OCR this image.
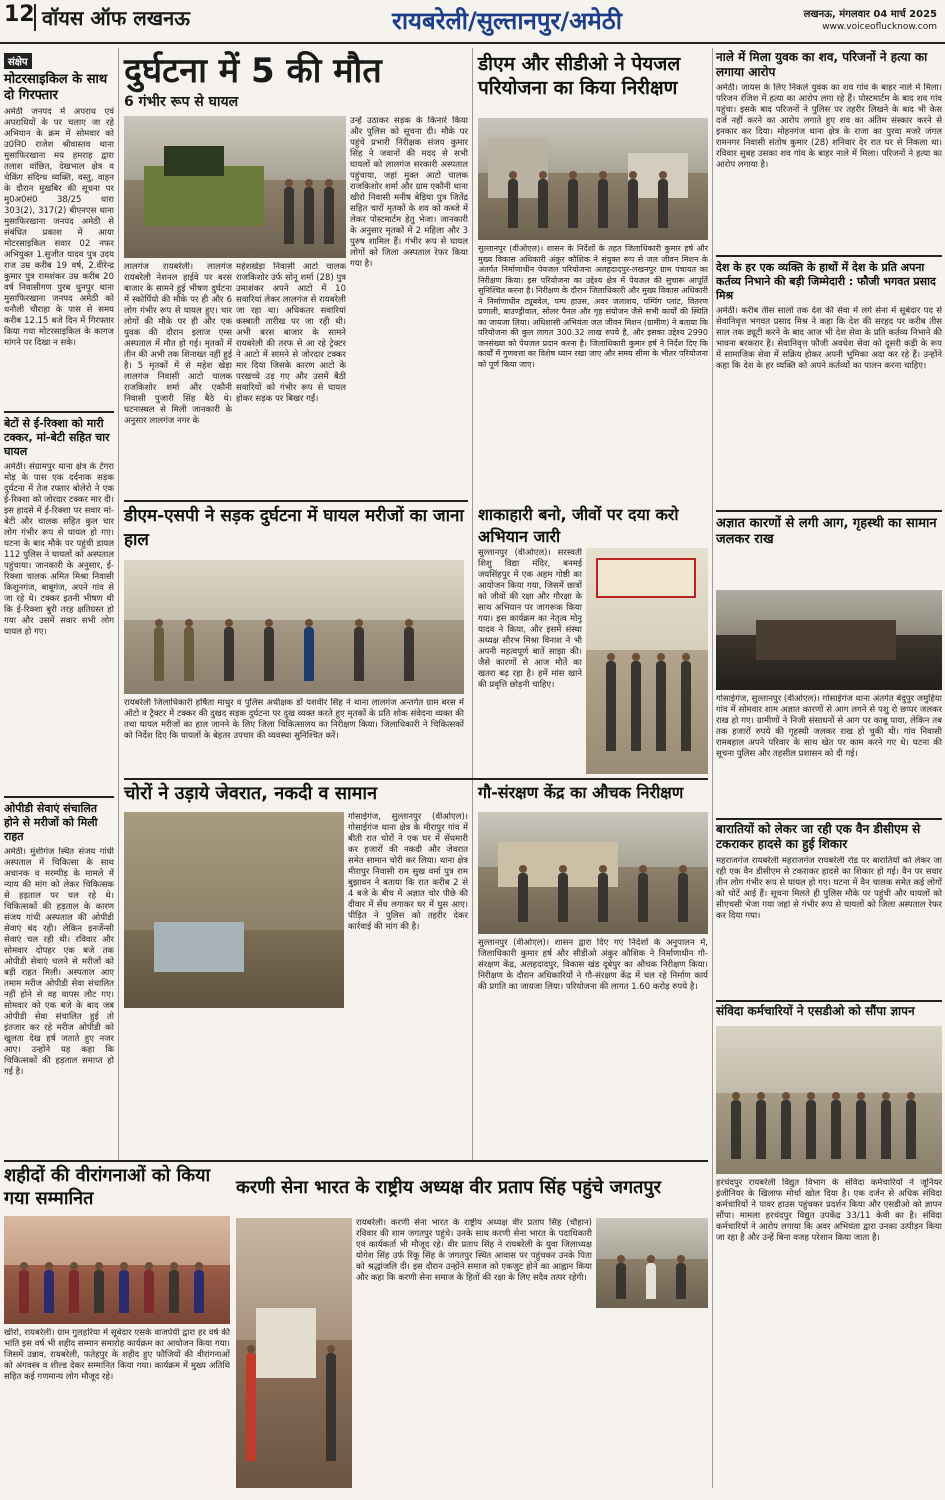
12 वॉयस ऑफ लखनऊ	रायबरेली/सुल्तानपुर/अमेठी	लखनऊ, मंगलवार 04 मार्च 2025
www.voiceoflucknow.com
संक्षेप
मोटरसाइकिल के साथ दो गिरफ्तार
अमेठी जनपद में अपराध एवं अपराधियों के पर चलाए जा रहे अभियान के क्रम में सोमवार को उ0नि0 राजेश श्रीवास्तव थाना मुसाफिरखाना मय हमराह द्वारा तलाश वांछित, देखभाल क्षेत्र व चेकिंग संदिग्ध व्यक्ति, वस्तु, वाहन के दौरान मुखबिर की सूचना पर मु0अ0सं0 38/25 धारा 303(2), 317(2) बीएनएस थाना मुसाफिरखाना जनपद अमेठी से संबंधित प्रकाश में आया मोटरसाइकिल सवार 02 नफर अभियुक्त 1.सुजीत यादव पुत्र उदय राज उम्र करीब 19 वर्ष, 2.वीरेन्द्र कुमार पुत्र रामशंकर उम्र करीब 20 वर्ष निवासीगण पुरब धुनपुर थाना मुसाफिरखाना जनपद अमेठी को धनौली चौराहा के पास से समय करीब 12.15 बजे दिन में गिरफ्तार किया गया मोटरसाइकिल के कागज मांगने पर दिखा न सके।
बेटों से ई-रिक्शा को मारी टक्कर, मां-बेटी सहित चार घायल
अमेठी। संग्रामपुर थाना क्षेत्र के टेंगरा मोड़ के पास एक दर्दनाक सड़क दुर्घटना में तेज रफ्तार बोलेरो ने एक ई-रिक्शा को जोरदार टक्कर मार दी। इस हादसे में ई-रिक्शा पर सवार मां-बेटी और चालक सहित कुल चार लोग गंभीर रूप से घायल हो गए। घटना के बाद मौके पर पहुंची डायल 112 पुलिस ने घायलों को अस्पताल पहुंचाया। जानकारी के अनुसार, ई-रिक्शा चालक अमित मिश्रा निवासी किशुनगंज, बाबूगंज, अपने गांव से जा रहे थे। टक्कर इतनी भीषण थी कि ई-रिक्शा बुरी तरह क्षतिग्रस्त हो गया और उसमें सवार सभी लोग घायल हो गए।
ओपीडी सेवाएं संचालित होने से मरीजों को मिली राहत
अमेठी। मुंशीगंज स्थित संजय गांधी अस्पताल में चिकित्सा के साथ अचानक व मरम्पीड़ के मामले में न्याय की मांग को लेकर चिकित्सक से हड़ताल पर चल रहे थे। चिकित्सकों की हड़ताल के कारण संजय गांधी अस्पताल की ओपीडी सेवाएं बंद रही। लेकिन इनर्जेन्सी सेवाएं चल रही थी। रविवार और सोमवार दोपहर एक बजे तक ओपीडी सेवाएं चलने से मरीजों को बड़ी राहत मिली। अस्पताल आए तमाम मरीज ओपीडी सेवा संचालित नहीं होने से वह वापस लौट गए। सोमवार को एक बजे के बाद जब ओपीडी सेवा संचालित हुई तो इंतजार कर रहे मरीज ओपीडी को खुलता देख हर्ष जताते हुए नजर आए। उन्होंने यह कहा कि चिकित्सकों की हड़ताल समाप्त हो गई है।
दुर्घटना में 5 की मौत
6 गंभीर रूप से घायल
उन्हें उठाकर सड़क के किनारे किया और पुलिस को सूचना दी। मौके पर पहुंचे प्रभारी निरीक्षक संजय कुमार सिंह ने जवानों की मदद से सभी घायलों को लालगंज सरकारी अस्पताल पहुंचाया, जहां मुक्त आटो चालक राजकिशोर शर्मा और ग्राम एकौनी थाना खीरो निवासी मनीष बेड़िया पुत्र जितेंद्र सहित चारों मृतकों के शव को कब्जे में लेकर पोस्टमार्टम हेतु भेजा। जानकारी के अनुसार मृतकों में 2 महिला और 3 पुरुष शामिल हैं। गंभीर रूप से घायल लोगों को जिला अस्पताल रेफर किया गया है।
लालगंज रायबरेली। लालगंज रायबरेली नेशनल हाईवे पर बरस बाजार के सामने हुई भीषण दुर्घटना में स्कोर्पियो की मौके पर ही और 6 लोग गंभीर रूप से घायल हुए। चार लोगों की मौके पर ही और एक युवक की दौरान इलाज एम्स अस्पताल में मौत हो गई। मृतकों में तीन की अभी तक शिनाख्त नहीं हुई है। 5 मृतकों में से महेश खेड़ा लालगंज निवासी आटो चालक राजकिशोर शर्मा और एकौनी निवासी पुजारी सिंह बैठे थे। घटनास्थल से मिली जानकारी के अनुसार लालगंज नगर के
महेशखेड़ा निवासी आटो चालक राजकिशोर उर्फ सोनू शर्मा (28) पुत्र उमाशंकर अपने आटो में 10 सवारियां लेकर लालगंज से रायबरेली जा रहा था। अधिकतर सवारियां कस्बाती तारीख पर जा रही थी। अभी बरस बाजार के सामने रायबरेली की तरफ से आ रहे ट्रेक्टर ने आटो में सामने से जोरदार टक्कर मार दिया जिसके कारण आटो के परखच्चे उड़ गए और उसमें बैठी सवारियों को गंभीर रूप से घायल होकर सड़क पर बिखर गईं।
डीएम और सीडीओ ने पेयजल परियोजना का किया निरीक्षण
सुल्तानपुर (वीओएल)। शासन के निर्देशों के तहत जिलाधिकारी कुमार हर्ष और मुख्य विकास अधिकारी अंकुर कौशिक ने संयुक्त रूप से जल जीवन मिशन के अंतर्गत निर्माणाधीन पेयजल परियोजना अलहदादपुर-लखनपुर ग्राम पंचायत का निरीक्षण किया। इस परियोजना का उद्देश्य क्षेत्र में पेयजल की सुचारू आपूर्ति सुनिश्चित करना है। निरीक्षण के दौरान जिलाधिकारी और मुख्य विकास अधिकारी ने निर्माणाधीन ट्यूबवेल, पम्प हाउस, अवर जलाशय, पम्पिंग प्लांट, वितरण प्रणाली, बाउण्ड्रीवाल, सोलर पैनल और गृह संयोजन जैसे सभी कार्यों की स्थिति का जायजा लिया। अधिशासी अभियंता जल जीवन मिशन (ग्रामीण) ने बताया कि परियोजना की कुल लागत 300.32 लाख रुपये है, और इसका उद्देश्य 2990 जनसंख्या को पेयजल प्रदान करना है। जिलाधिकारी कुमार हर्ष ने निर्देश दिए कि कार्यों में गुणवत्ता का विशेष ध्यान रखा जाए और समय सीमा के भीतर परियोजना को पूर्ण किया जाए।
डीएम-एसपी ने सड़क दुर्घटना में घायल मरीजों का जाना हाल
रायबरेली जिलाधिकारी हर्षिता माथुर व पुलिस अधीक्षक डॉ यशवीर सिंह ने थाना लालगंज अन्तर्गत ग्राम बरस में ऑटो व ट्रैक्टर में टक्कर की दुखद सड़क दुर्घटना पर दुख व्यक्त करते हुए मृतकों के प्रति शोक संवेदना व्यक्त की तथा घायल मरीजों का हाल जानने के लिए जिला चिकित्सालय का निरीक्षण किया। जिलाधिकारी ने चिकित्सकों को निर्देश दिए कि घायलों के बेहतर उपचार की व्यवस्था सुनिश्चित करें।
शाकाहारी बनो, जीवों पर दया करो अभियान जारी
सुल्तानपुर (वीओएल)। सरस्वती शिशु विद्या मंदिर, बनमई जयसिंहपुर में एक अहम गोष्ठी का आयोजन किया गया, जिसमें छात्रों को जीवों की रक्षा और गौरक्षा के साथ अभियान पर जागरूक किया गया। इस कार्यक्रम का नेतृत्व मोनू यादव ने किया, और इसमें संस्था अध्यक्ष सौरभ मिश्रा विनाश ने भी अपनी महत्वपूर्ण बातें साझा की। जैसे कारणों से आज मौतें का खतरा बढ़ रहा है। हमें मांस खाने की प्रवृत्ति छोड़नी चाहिए।
चोरों ने उड़ाये जेवरात, नकदी व सामान
गोसाईगंज, सुल्तानपुर (वीओएल)। गोसाईगंज थाना क्षेत्र के मीरापुर गांव में बीती रात चोरों ने एक घर में सेंधमारी कर हजारों की नकदी और जेवरात समेत सामान चोरी कर लिया। थाना क्षेत्र मीरापुर निवासी राम सुख वर्मा पुत्र राम बुझावन ने बताया कि रात करीब 2 से 4 बजे के बीच में अज्ञात चोर पीछे की दीवार में सेंध लगाकर घर में घुस आए। पीड़ित ने पुलिस को तहरीर देकर कार्रवाई की मांग की है।
गौ-संरक्षण केंद्र का औचक निरीक्षण
सुल्तानपुर (वीओएल)। शासन द्वारा दिए गए निर्देशों के अनुपालन में, जिलाधिकारी कुमार हर्ष और सीडीओ अंकुर कौशिक ने निर्माणाधीन गौ-संरक्षण केंद्र, अलहदादपुर, विकास खंड दूबेपुर का औचक निरीक्षण किया। निरीक्षण के दौरान अधिकारियों ने गौ-संरक्षण केंद्र में चल रहे निर्माण कार्य की प्रगति का जायजा लिया। परियोजना की लागत 1.60 करोड़ रुपये है।
नाले में मिला युवक का शव, परिजनों ने हत्या का लगाया आरोप
अमेठी। जायस के लिए निकले युवक का शव गांव के बाहर नाले में मिला। परिजन रंजिश में हत्या का आरोप लगा रहे हैं। पोस्टमार्टम के बाद शव गांव पहुंचा। इसके बाद परिजनों ने पुलिस पर तहरीर लिखने के बाद भी केस दर्ज नहीं करने का आरोप लगाते हुए शव का अंतिम संस्कार करने से इनकार कर दिया। मोहनगंज थाना क्षेत्र के राजा का पुरवा मजरे जंगल रामनगर निवासी संतोष कुमार (28) शनिवार देर रात घर से निकला था। रविवार सुबह उसका शव गांव के बाहर नाले में मिला। परिजनों ने हत्या का आरोप लगाया है।
देश के हर एक व्यक्ति के हाथों में देश के प्रति अपना कर्तव्य निभाने की बड़ी जिम्मेदारी : फौजी भगवत प्रसाद मिश्र
अमेठी। करीब तीस सालों तक देश की सेवा में लगे सेना में सूबेदार पद से सेवानिवृत्त भगवत प्रसाद मिश्र ने कहा कि देश की सरहद पर करीब तीस साल तक ड्यूटी करने के बाद आज भी देश सेवा के प्रति कर्तव्य निभाने की भावना बरकरार है। सेवानिवृत्त फौजी अवधेश सेवा को दूसरी कड़ी के रूप में सामाजिक सेवा में सक्रिय होकर अपनी भूमिका अदा कर रहे हैं। उन्होंने कहा कि देश के हर व्यक्ति को अपने कर्तव्यों का पालन करना चाहिए।
अज्ञात कारणों से लगी आग, गृहस्थी का सामान जलकर राख
गोसाईगंज, सुल्तानपुर (वीओएल)। गोसाईगंज थाना अंतर्गत बेदुपुर जमुहिया गांव में सोमवार शाम अज्ञात कारणों से आग लगने से पशु रो छप्पर जलकर राख हो गए। ग्रामीणों ने निजी संसाधनों से आग पर काबू पाया, लेकिन तब तक हजारों रुपये की गृहस्थी जलकर राख हो चुकी थी। गांव निवासी रामबहाल अपने परिवार के साथ खेत पर काम करने गए थे। घटना की सूचना पुलिस और तहसील प्रशासन को दी गई।
बारातियों को लेकर जा रही एक वैन डीसीएम से टकराकर हादसे का हुई शिकार
महराजगंज रायबरेली महराजगंज रायबरेली रोड पर बारातियों को लेकर जा रही एक वैन डीसीएम से टकराकर हादसे का शिकार हो गई। वैन पर सवार तीन लोग गंभीर रूप से घायल हो गए। घटना में वैन चालक समेत कई लोगों को चोटें आई हैं। सूचना मिलते ही पुलिस मौके पर पहुंची और घायलों को सीएचसी भेजा गया जहां से गंभीर रूप से घायलों को जिला अस्पताल रेफर कर दिया गया।
संविदा कर्मचारियों ने एसडीओ को सौंपा ज्ञापन
हरचंदपुर रायबरेली विद्युत विभाग के संविदा कर्मचारियों ने जूनियर इंजीनियर के खिलाफ मोर्चा खोल दिया है। एक दर्जन से अधिक संविदा कर्मचारियों ने पावर हाउस पहुंचकर प्रदर्शन किया और एसडीओ को ज्ञापन सौंपा। मामला हरचंदपुर विद्युत उपकेंद्र 33/11 केवी का है। संविदा कर्मचारियों ने आरोप लगाया कि अवर अभियंता द्वारा उनका उत्पीड़न किया जा रहा है और उन्हें बिना वजह परेशान किया जाता है।
शहीदों की वीरांगनाओं को किया गया सम्मानित
खीरो, रायबरेली। ग्राम गुलहरिया में सूबेदार एसके वाजपेयी द्वारा हर वर्ष की भांति इस वर्ष भी शहीद सम्मान समारोह कार्यक्रम का आयोजन किया गया। जिसमें उन्नाव, रायबरेली, फतेहपुर के शहीद हुए फौजियों की वीरांगनाओं को अंगवस्त्र व शील्ड देकर सम्मानित किया गया। कार्यक्रम में मुख्य अतिथि सहित कई गणमान्य लोग मौजूद रहे।
करणी सेना भारत के राष्ट्रीय अध्यक्ष वीर प्रताप सिंह पहुंचे जगतपुर
रायबरेली। करणी सेना भारत के राष्ट्रीय अध्यक्ष वीर प्रताप सिंह (चौहान) रविवार की शाम जगतपुर पहुंचे। उनके साथ करणी सेना भारत के पदाधिकारी एवं कार्यकर्ता भी मौजूद रहे। वीर प्रताप सिंह ने रायबरेली के युवा जिलाध्यक्ष योगेश सिंह उर्फ रिंकू सिंह के जगतपुर स्थित आवास पर पहुंचकर उनके पिता को श्रद्धांजलि दी। इस दौरान उन्होंने समाज को एकजुट होने का आह्वान किया और कहा कि करणी सेना समाज के हितों की रक्षा के लिए सदैव तत्पर रहेगी।
